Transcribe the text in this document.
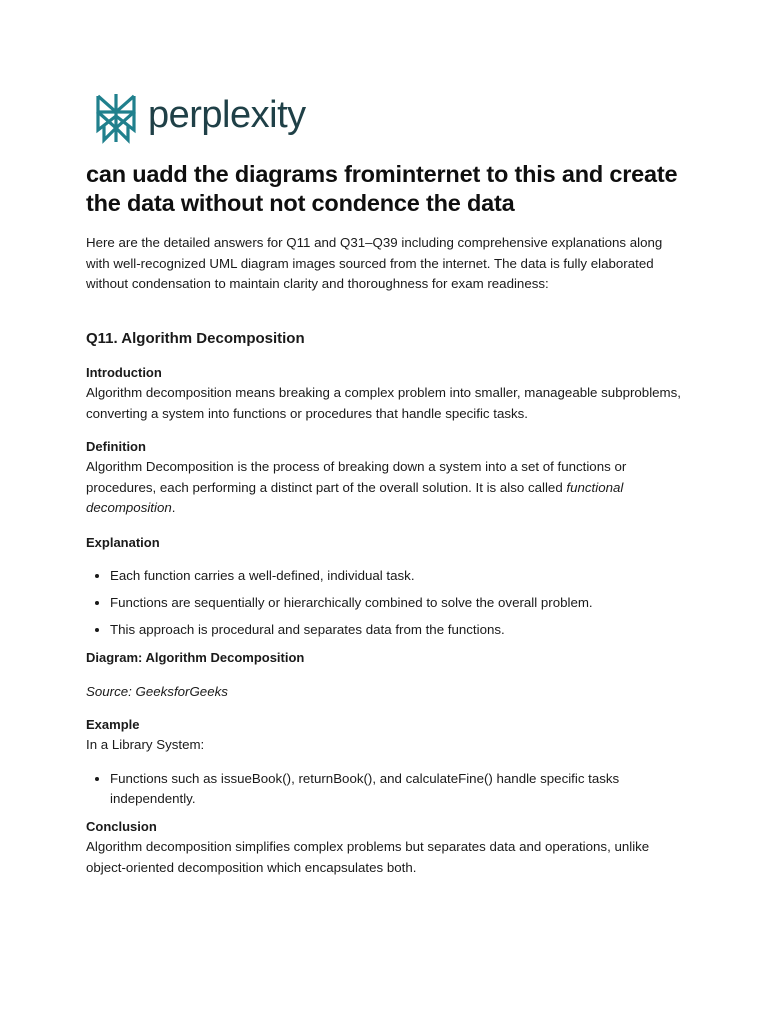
perplexity
can uadd the diagrams frominternet to this and create the data without not condence the data

Here are the detailed answers for Q11 and Q31–Q39 including comprehensive explanations along with well-recognized UML diagram images sourced from the internet. The data is fully elaborated without condensation to maintain clarity and thoroughness for exam readiness:

Q11. Algorithm Decomposition

Introduction

Algorithm decomposition means breaking a complex problem into smaller, manageable subproblems, converting a system into functions or procedures that handle specific tasks.

Definition

Algorithm Decomposition is the process of breaking down a system into a set of functions or procedures, each performing a distinct part of the overall solution. It is also called functional decomposition.

Explanation

• Each function carries a well-defined, individual task.
• Functions are sequentially or hierarchically combined to solve the overall problem.
• This approach is procedural and separates data from the functions.

Diagram: Algorithm Decomposition

Source: GeeksforGeeks

Example

In a Library System:

• Functions such as issueBook(), returnBook(), and calculateFine() handle specific tasks independently.

Conclusion

Algorithm decomposition simplifies complex problems but separates data and operations, unlike object-oriented decomposition which encapsulates both.
